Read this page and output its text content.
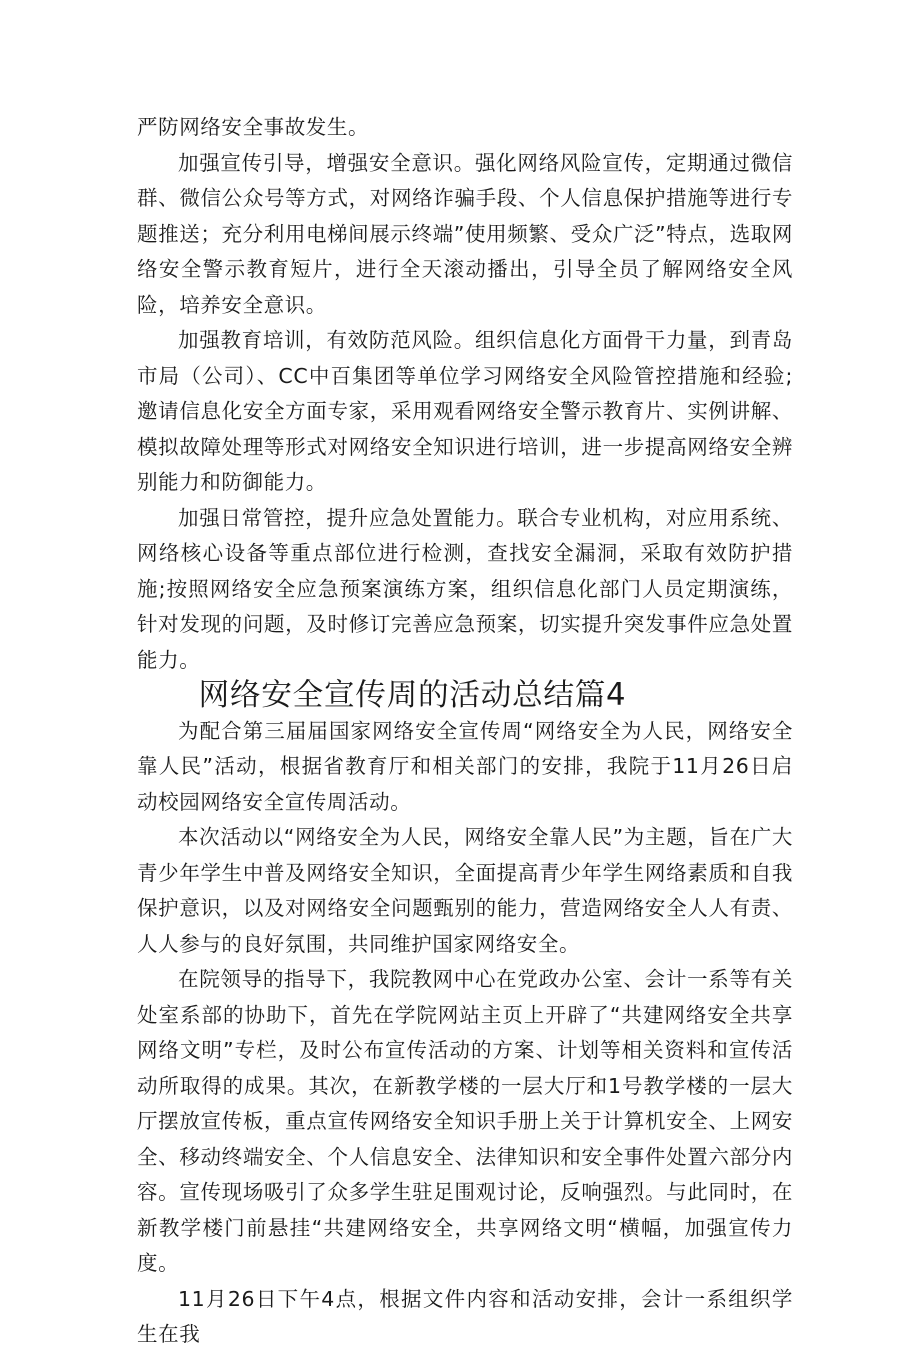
严防网络安全事故发生。

加强宣传引导，增强安全意识。强化网络风险宣传，定期通过微信群、微信公众号等方式，对网络诈骗手段、个人信息保护措施等进行专题推送；充分利用电梯间展示终端”使用频繁、受众广泛”特点，选取网络安全警示教育短片，进行全天滚动播出，引导全员了解网络安全风险，培养安全意识。

加强教育培训，有效防范风险。组织信息化方面骨干力量，到青岛市局（公司）、CC中百集团等单位学习网络安全风险管控措施和经验;邀请信息化安全方面专家，采用观看网络安全警示教育片、实例讲解、模拟故障处理等形式对网络安全知识进行培训，进一步提高网络安全辨别能力和防御能力。

加强日常管控，提升应急处置能力。联合专业机构，对应用系统、网络核心设备等重点部位进行检测，查找安全漏洞，采取有效防护措施;按照网络安全应急预案演练方案，组织信息化部门人员定期演练，针对发现的问题，及时修订完善应急预案，切实提升突发事件应急处置能力。

网络安全宣传周的活动总结篇4

为配合第三届届国家网络安全宣传周“网络安全为人民，网络安全靠人民”活动，根据省教育厅和相关部门的安排，我院于11月26日启动校园网络安全宣传周活动。

本次活动以“网络安全为人民，网络安全靠人民”为主题，旨在广大青少年学生中普及网络安全知识，全面提高青少年学生网络素质和自我保护意识，以及对网络安全问题甄别的能力，营造网络安全人人有责、人人参与的良好氛围，共同维护国家网络安全。

在院领导的指导下，我院教网中心在党政办公室、会计一系等有关处室系部的协助下，首先在学院网站主页上开辟了“共建网络安全共享网络文明”专栏，及时公布宣传活动的方案、计划等相关资料和宣传活动所取得的成果。其次，在新教学楼的一层大厅和1号教学楼的一层大厅摆放宣传板，重点宣传网络安全知识手册上关于计算机安全、上网安全、移动终端安全、个人信息安全、法律知识和安全事件处置六部分内容。宣传现场吸引了众多学生驻足围观讨论，反响强烈。与此同时，在新教学楼门前悬挂“共建网络安全，共享网络文明“横幅，加强宣传力度。

11月26日下午4点，根据文件内容和活动安排，会计一系组织学生在我
